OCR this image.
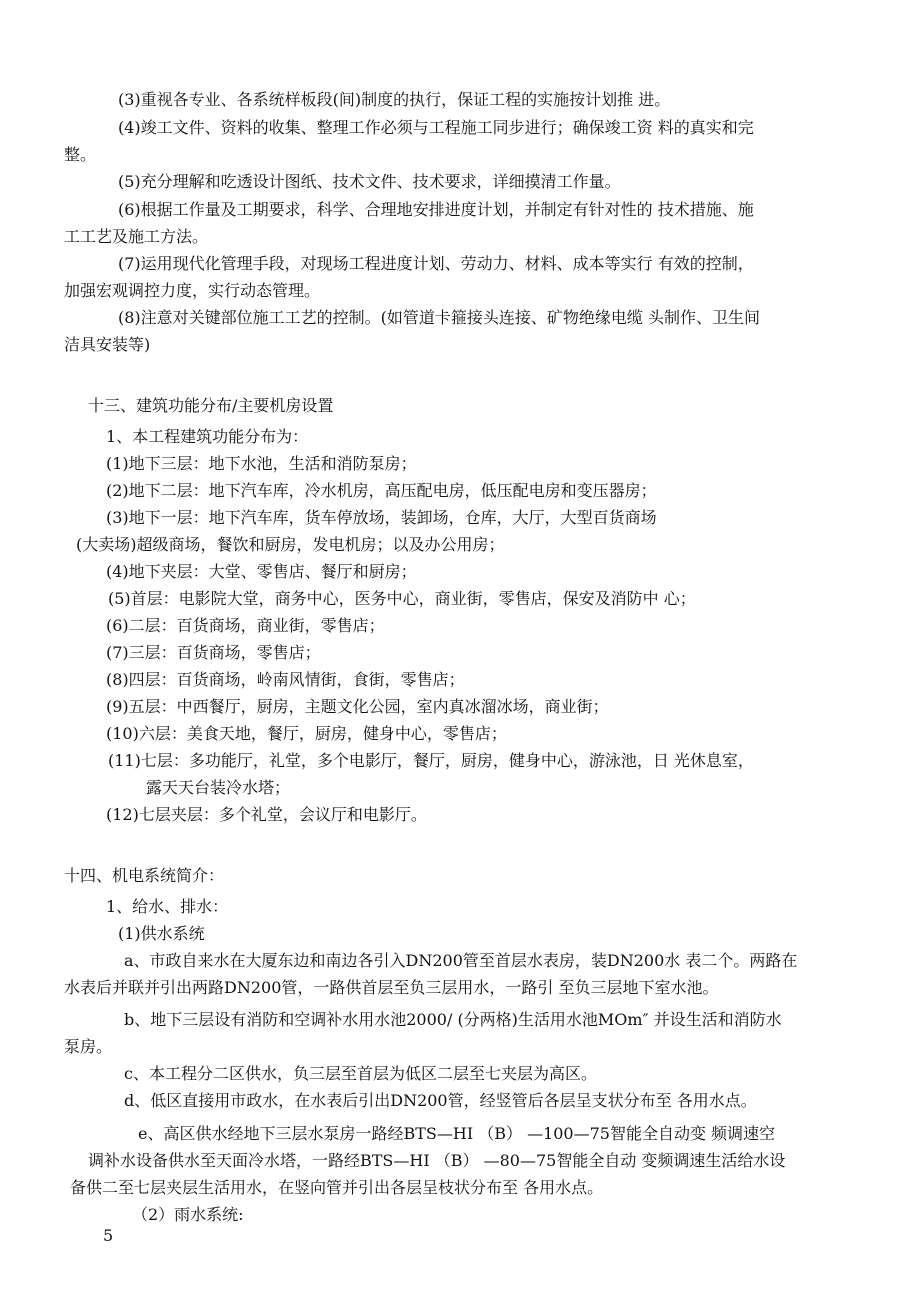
(3)重视各专业、各系统样板段(间)制度的执行，保证工程的实施按计划推 进。
(4)竣工文件、资料的收集、整理工作必须与工程施工同步进行；确保竣工资 料的真实和完
整。
(5)充分理解和吃透设计图纸、技术文件、技术要求，详细摸清工作量。
(6)根据工作量及工期要求，科学、合理地安排进度计划，并制定有针对性的 技术措施、施
工工艺及施工方法。
(7)运用现代化管理手段，对现场工程进度计划、劳动力、材料、成本等实行 有效的控制，
加强宏观调控力度，实行动态管理。
(8)注意对关键部位施工工艺的控制。(如管道卡箍接头连接、矿物绝缘电缆 头制作、卫生间
洁具安装等)
十三、建筑功能分布/主要机房设置
1、本工程建筑功能分布为：
(1)地下三层：地下水池，生活和消防泵房；
(2)地下二层：地下汽车库，冷水机房，高压配电房，低压配电房和变压器房；
(3)地下一层：地下汽车库，货车停放场，装卸场，仓库，大厅，大型百货商场
(大卖场)超级商场，餐饮和厨房，发电机房；以及办公用房；
(4)地下夹层：大堂、零售店、餐厅和厨房；
(5)首层：电影院大堂，商务中心，医务中心，商业街，零售店，保安及消防中 心；
(6)二层：百货商场，商业街，零售店；
(7)三层：百货商场，零售店；
(8)四层：百货商场，岭南风情街，食街，零售店；
(9)五层：中西餐厅，厨房，主题文化公园，室内真冰溜冰场，商业街；
(10)六层：美食天地，餐厅，厨房，健身中心，零售店；
(11)七层：多功能厅，礼堂，多个电影厅，餐厅，厨房，健身中心，游泳池，日 光休息室，
露天天台装冷水塔；
(12)七层夹层：多个礼堂，会议厅和电影厅。
十四、机电系统简介：
1、给水、排水：
(1)供水系统
a、市政自来水在大厦东边和南边各引入DN200管至首层水表房，装DN200水 表二个。两路在
水表后并联并引出两路DN200管，一路供首层至负三层用水，一路引 至负三层地下室水池。
b、地下三层设有消防和空调补水用水池2000/ (分两格)生活用水池MOm″ 并设生活和消防水
泵房。
c、本工程分二区供水，负三层至首层为低区二层至七夹层为高区。
d、低区直接用市政水，在水表后引出DN200管，经竖管后各层呈支状分布至 各用水点。
e、高区供水经地下三层水泵房一路经BTS—HI （B） —100—75智能全自动变 频调速空
调补水设备供水至天面冷水塔，一路经BTS—HI （B） —80—75智能全自动 变频调速生活给水设
备供二至七层夹层生活用水，在竖向管并引出各层呈枝状分布至 各用水点。
（2）雨水系统:
5
